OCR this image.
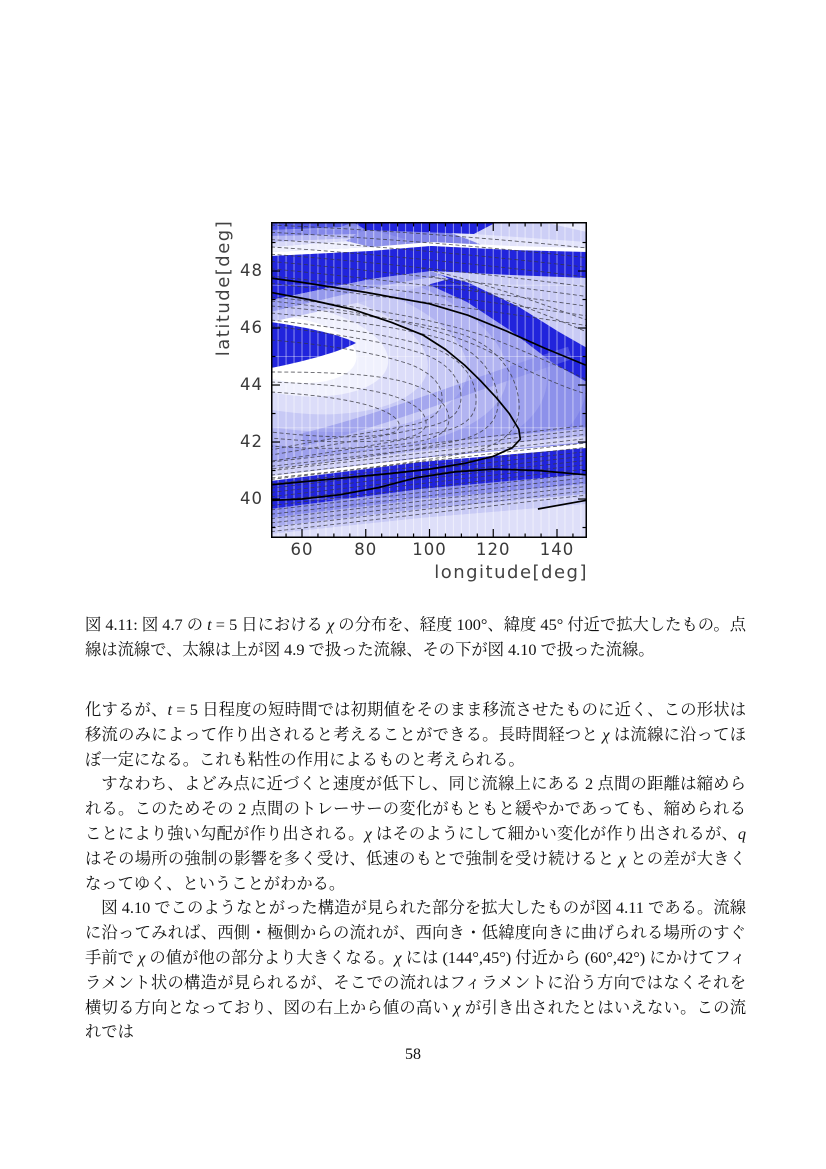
60	80	100	120	140
40
42
44
46
48
latitude[deg]
longitude[deg]
図 4.11: 図 4.7 の t = 5 日における χ の分布を、経度 100°、緯度 45° 付近で拡大したもの。点線は流線で、太線は上が図 4.9 で扱った流線、その下が図 4.10 で扱った流線。

化するが、t = 5 日程度の短時間では初期値をそのまま移流させたものに近く、この形状は移流のみによって作り出されると考えることができる。長時間経つと χ は流線に沿ってほぼ一定になる。これも粘性の作用によるものと考えられる。

すなわち、よどみ点に近づくと速度が低下し、同じ流線上にある 2 点間の距離は縮められる。このためその 2 点間のトレーサーの変化がもともと緩やかであっても、縮められることにより強い勾配が作り出される。χ はそのようにして細かい変化が作り出されるが、q はその場所の強制の影響を多く受け、低速のもとで強制を受け続けると χ との差が大きくなってゆく、ということがわかる。

図 4.10 でこのようなとがった構造が見られた部分を拡大したものが図 4.11 である。流線に沿ってみれば、西側・極側からの流れが、西向き・低緯度向きに曲げられる場所のすぐ手前で χ の値が他の部分より大きくなる。χ には (144°,45°) 付近から (60°,42°) にかけてフィラメント状の構造が見られるが、そこでの流れはフィラメントに沿う方向ではなくそれを横切る方向となっており、図の右上から値の高い χ が引き出されたとはいえない。この流れでは

58
